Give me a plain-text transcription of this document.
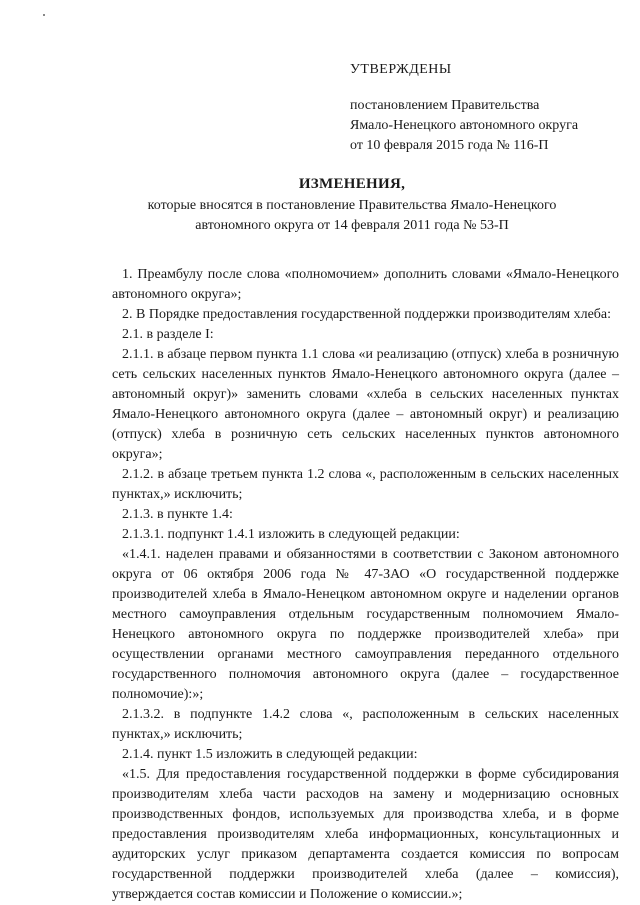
УТВЕРЖДЕНЫ
постановлением Правительства
Ямало-Ненецкого автономного округа
от 10 февраля 2015 года № 116-П
ИЗМЕНЕНИЯ,
которые вносятся в постановление Правительства Ямало-Ненецкого
автономного округа от 14 февраля 2011 года № 53-П

1. Преамбулу после слова «полномочием» дополнить словами «Ямало-Ненецкого автономного округа»;

2. В Порядке предоставления государственной поддержки производителям хлеба:

2.1. в разделе I:

2.1.1. в абзаце первом пункта 1.1 слова «и реализацию (отпуск) хлеба в розничную сеть сельских населенных пунктов Ямало-Ненецкого автономного округа (далее – автономный округ)» заменить словами «хлеба в сельских населенных пунктах Ямало-Ненецкого автономного округа (далее – автономный округ) и реализацию (отпуск) хлеба в розничную сеть сельских населенных пунктов автономного округа»;

2.1.2. в абзаце третьем пункта 1.2 слова «, расположенным в сельских населенных пунктах,» исключить;

2.1.3. в пункте 1.4:

2.1.3.1. подпункт 1.4.1 изложить в следующей редакции:

«1.4.1. наделен правами и обязанностями в соответствии с Законом автономного округа от 06 октября 2006 года № 47-ЗАО «О государственной поддержке производителей хлеба в Ямало-Ненецком автономном округе и наделении органов местного самоуправления отдельным государственным полномочием Ямало-Ненецкого автономного округа по поддержке производителей хлеба» при осуществлении органами местного самоуправления переданного отдельного государственного полномочия автономного округа (далее – государственное полномочие):»;

2.1.3.2. в подпункте 1.4.2 слова «, расположенным в сельских населенных пунктах,» исключить;

2.1.4. пункт 1.5 изложить в следующей редакции:

«1.5. Для предоставления государственной поддержки в форме субсидирования производителям хлеба части расходов на замену и модернизацию основных производственных фондов, используемых для производства хлеба, и в форме предоставления производителям хлеба информационных, консультационных и аудиторских услуг приказом департамента создается комиссия по вопросам государственной поддержки производителей хлеба (далее – комиссия), утверждается состав комиссии и Положение о комиссии.»;
